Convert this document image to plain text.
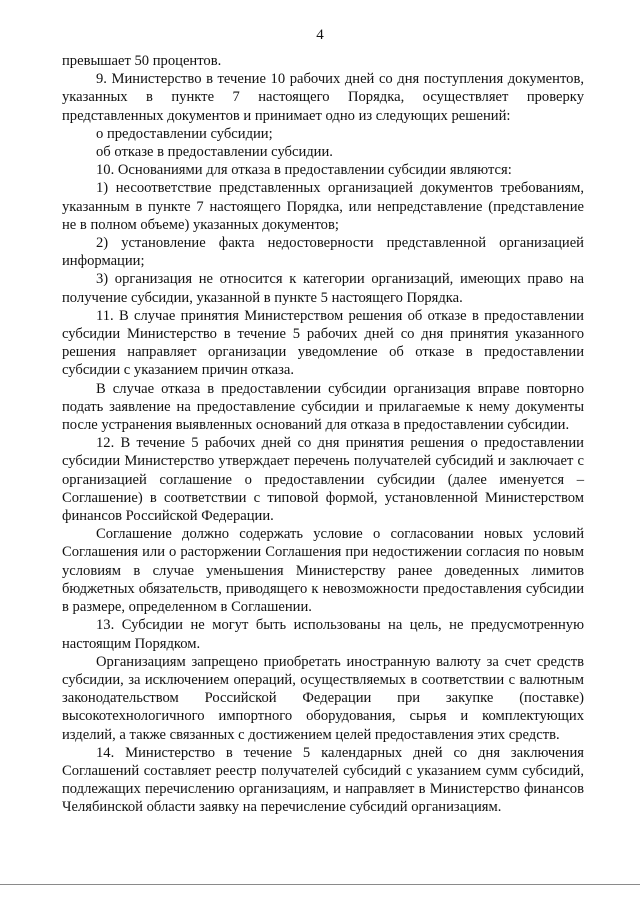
4

превышает 50 процентов.

9. Министерство в течение 10 рабочих дней со дня поступления документов, указанных в пункте 7 настоящего Порядка, осуществляет проверку представленных документов и принимает одно из следующих решений:

о предоставлении субсидии;

об отказе в предоставлении субсидии.

10. Основаниями для отказа в предоставлении субсидии являются:

1) несоответствие представленных организацией документов требованиям, указанным в пункте 7 настоящего Порядка, или непредставление (представление не в полном объеме) указанных документов;

2) установление факта недостоверности представленной организацией информации;

3) организация не относится к категории организаций, имеющих право на получение субсидии, указанной в пункте 5 настоящего Порядка.

11. В случае принятия Министерством решения об отказе в предоставлении субсидии Министерство в течение 5 рабочих дней со дня принятия указанного решения направляет организации уведомление об отказе в предоставлении субсидии с указанием причин отказа.

В случае отказа в предоставлении субсидии организация вправе повторно подать заявление на предоставление субсидии и прилагаемые к нему документы после устранения выявленных оснований для отказа в предоставлении субсидии.

12. В течение 5 рабочих дней со дня принятия решения о предоставлении субсидии Министерство утверждает перечень получателей субсидий и заключает с организацией соглашение о предоставлении субсидии (далее именуется – Соглашение) в соответствии с типовой формой, установленной Министерством финансов Российской Федерации.

Соглашение должно содержать условие о согласовании новых условий Соглашения или о расторжении Соглашения при недостижении согласия по новым условиям в случае уменьшения Министерству ранее доведенных лимитов бюджетных обязательств, приводящего к невозможности предоставления субсидии в размере, определенном в Соглашении.

13. Субсидии не могут быть использованы на цель, не предусмотренную настоящим Порядком.

Организациям запрещено приобретать иностранную валюту за счет средств субсидии, за исключением операций, осуществляемых в соответствии с валютным законодательством Российской Федерации при закупке (поставке) высокотехнологичного импортного оборудования, сырья и комплектующих изделий, а также связанных с достижением целей предоставления этих средств.

14. Министерство в течение 5 календарных дней со дня заключения Соглашений составляет реестр получателей субсидий с указанием сумм субсидий, подлежащих перечислению организациям, и направляет в Министерство финансов Челябинской области заявку на перечисление субсидий организациям.
